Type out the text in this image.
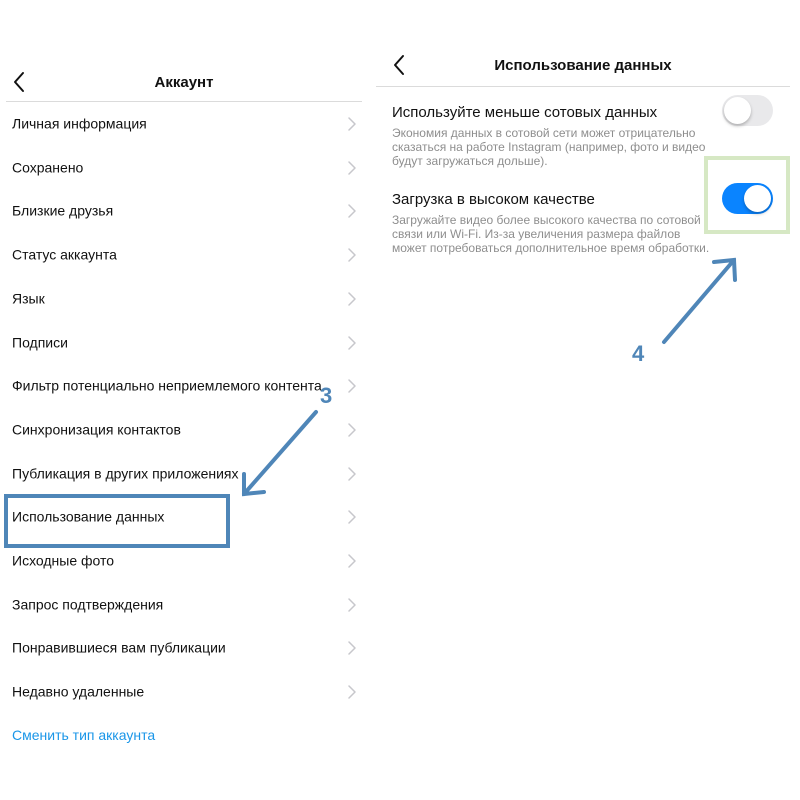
Аккаунт
Личная информация
Сохранено
Близкие друзья
Статус аккаунта
Язык
Подписи
Фильтр потенциально неприемлемого контента
Синхронизация контактов
Публикация в других приложениях
Использование данных
Исходные фото
Запрос подтверждения
Понравившиеся вам публикации
Недавно удаленные
Сменить тип аккаунта
Использование данных
Используйте меньше сотовых данных
Экономия данных в сотовой сети может отрицательно сказаться на работе Instagram (например, фото и видео будут загружаться дольше).
Загрузка в высоком качестве
Загружайте видео более высокого качества по сотовой связи или Wi-Fi. Из-за увеличения размера файлов может потребоваться дополнительное время обработки.
3
4
